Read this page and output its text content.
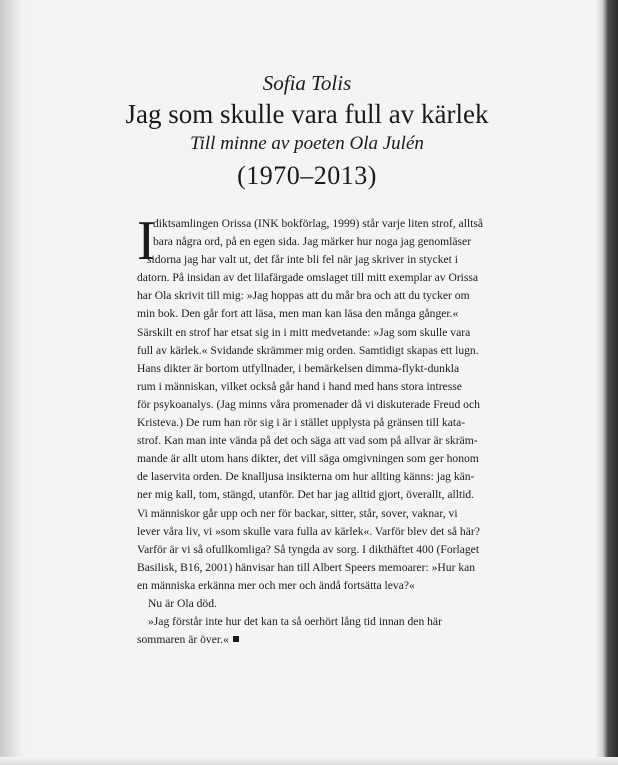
Sofia Tolis
Jag som skulle vara full av kärlek
Till minne av poeten Ola Julén
(1970–2013)
I
diktsamlingen Orissa (INK bokförlag, 1999) står varje liten strof, alltså
bara några ord, på en egen sida. Jag märker hur noga jag genomläser
sidorna jag har valt ut, det får inte bli fel när jag skriver in stycket i
datorn. På insidan av det lilafärgade omslaget till mitt exemplar av Orissa
har Ola skrivit till mig: »Jag hoppas att du mår bra och att du tycker om
min bok. Den går fort att läsa, men man kan läsa den många gånger.«
Särskilt en strof har etsat sig in i mitt medvetande: »Jag som skulle vara
full av kärlek.« Svidande skrämmer mig orden. Samtidigt skapas ett lugn.
Hans dikter är bortom utfyllnader, i bemärkelsen dimma-flykt-dunkla
rum i människan, vilket också går hand i hand med hans stora intresse
för psykoanalys. (Jag minns våra promenader då vi diskuterade Freud och
Kristeva.) De rum han rör sig i är i stället upplysta på gränsen till kata-
strof. Kan man inte vända på det och säga att vad som på allvar är skräm-
mande är allt utom hans dikter, det vill säga omgivningen som ger honom
de laservita orden. De knalljusa insikterna om hur allting känns: jag kän-
ner mig kall, tom, stängd, utanför. Det har jag alltid gjort, överallt, alltid.
Vi människor går upp och ner för backar, sitter, står, sover, vaknar, vi
lever våra liv, vi »som skulle vara fulla av kärlek«. Varför blev det så här?
Varför är vi så ofullkomliga? Så tyngda av sorg. I dikthäftet 400 (Forlaget
Basilisk, B16, 2001) hänvisar han till Albert Speers memoarer: »Hur kan
en människa erkänna mer och mer och ändå fortsätta leva?«
Nu är Ola död.
»Jag förstår inte hur det kan ta så oerhört lång tid innan den här
sommaren är över.«
